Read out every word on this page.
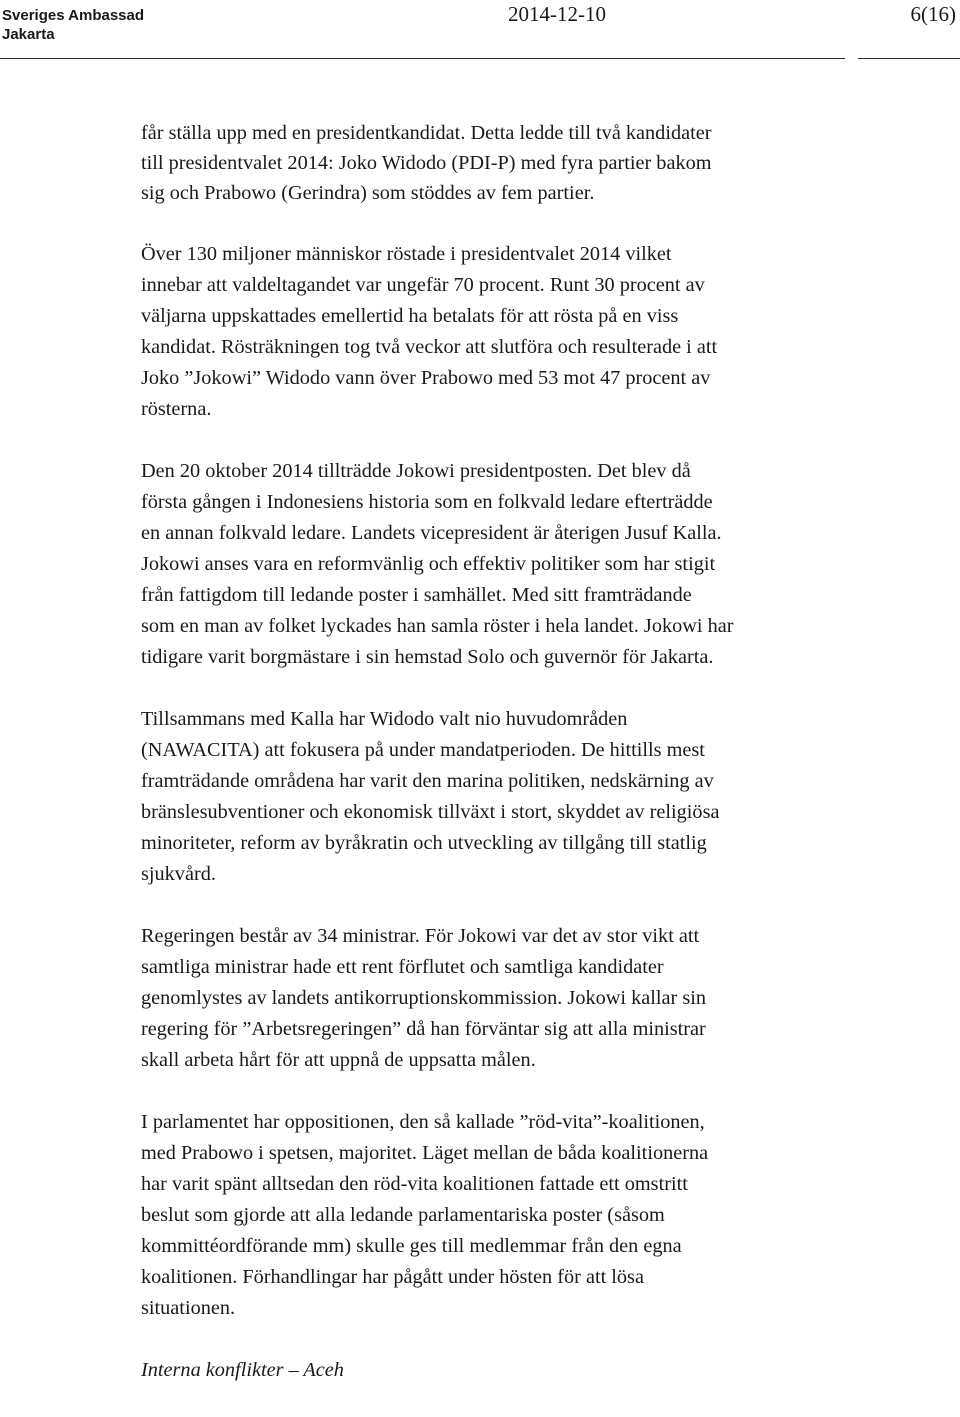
Sveriges Ambassad
Jakarta
2014-12-10	6(16)

får ställa upp med en presidentkandidat. Detta ledde till två kandidater
till presidentvalet 2014: Joko Widodo (PDI-P) med fyra partier bakom
sig och Prabowo (Gerindra) som stöddes av fem partier.

Över 130 miljoner människor röstade i presidentvalet 2014 vilket
innebar att valdeltagandet var ungefär 70 procent. Runt 30 procent av
väljarna uppskattades emellertid ha betalats för att rösta på en viss
kandidat. Rösträkningen tog två veckor att slutföra och resulterade i att
Joko ”Jokowi” Widodo vann över Prabowo med 53 mot 47 procent av
rösterna.

Den 20 oktober 2014 tillträdde Jokowi presidentposten. Det blev då
första gången i Indonesiens historia som en folkvald ledare efterträdde
en annan folkvald ledare. Landets vicepresident är återigen Jusuf Kalla.
Jokowi anses vara en reformvänlig och effektiv politiker som har stigit
från fattigdom till ledande poster i samhället. Med sitt framträdande
som en man av folket lyckades han samla röster i hela landet. Jokowi har
tidigare varit borgmästare i sin hemstad Solo och guvernör för Jakarta.

Tillsammans med Kalla har Widodo valt nio huvudområden
(NAWACITA) att fokusera på under mandatperioden. De hittills mest
framträdande områdena har varit den marina politiken, nedskärning av
bränslesubventioner och ekonomisk tillväxt i stort, skyddet av religiösa
minoriteter, reform av byråkratin och utveckling av tillgång till statlig
sjukvård.

Regeringen består av 34 ministrar. För Jokowi var det av stor vikt att
samtliga ministrar hade ett rent förflutet och samtliga kandidater
genomlystes av landets antikorruptionskommission. Jokowi kallar sin
regering för ”Arbetsregeringen” då han förväntar sig att alla ministrar
skall arbeta hårt för att uppnå de uppsatta målen.

I parlamentet har oppositionen, den så kallade ”röd-vita”-koalitionen,
med Prabowo i spetsen, majoritet. Läget mellan de båda koalitionerna
har varit spänt alltsedan den röd-vita koalitionen fattade ett omstritt
beslut som gjorde att alla ledande parlamentariska poster (såsom
kommittéordförande mm) skulle ges till medlemmar från den egna
koalitionen. Förhandlingar har pågått under hösten för att lösa
situationen.

Interna konflikter – Aceh
